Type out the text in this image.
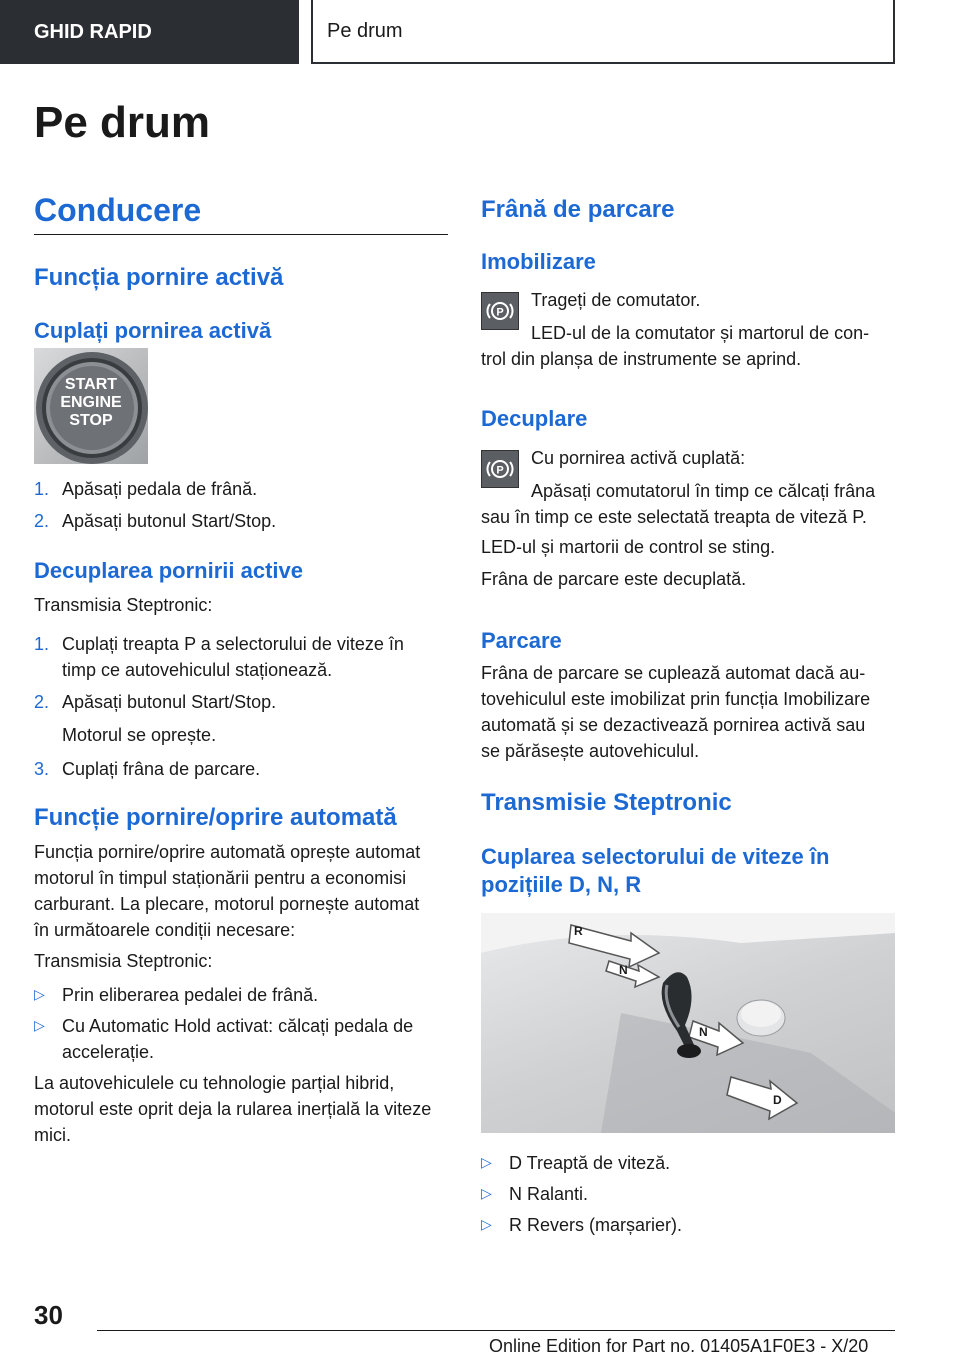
GHID RAPID	Pe drum
Pe drum
Conducere
Funcția pornire activă
Cuplați pornirea activă
START
ENGINE
STOP
1. Apăsați pedala de frână.

2. Apăsați butonul Start/Stop.

Decuplarea pornirii active

Transmisia Steptronic:

1. Cuplați treapta P a selectorului de viteze în

timp ce autovehiculul staționează.

2. Apăsați butonul Start/Stop.

Motorul se oprește.

3. Cuplați frâna de parcare.

Funcție pornire/oprire automată

Funcția pornire/oprire automată oprește automat

motorul în timpul staționării pentru a economisi

carburant. La plecare, motorul pornește automat

în următoarele condiții necesare:

Transmisia Steptronic:

▷ Prin eliberarea pedalei de frână.

▷ Cu Automatic Hold activat: călcați pedala de

accelerație.

La autovehiculele cu tehnologie parțial hibrid,

motorul este oprit deja la rularea inerțială la viteze

mici.

Frână de parcare
Imobilizare
P

Trageți de comutator.

LED-ul de la comutator și martorul de con-

trol din planșa de instrumente se aprind.

Decuplare
P

Cu pornirea activă cuplată:

Apăsați comutatorul în timp ce călcați frâna

sau în timp ce este selectată treapta de viteză P.

LED-ul și martorii de control se sting.

Frâna de parcare este decuplată.

Parcare

Frâna de parcare se cuplează automat dacă au-

tovehiculul este imobilizat prin funcția Imobilizare

automată și se dezactivează pornirea activă sau

se părăsește autovehiculul.

Transmisie Steptronic
Cuplarea selectorului de viteze în
pozițiile D, N, R
R
N
N
D
▷ D Treaptă de viteză.

▷ N Ralanti.

▷ R Revers (marșarier).

30
Online Edition for Part no. 01405A1F0E3 - X/20
